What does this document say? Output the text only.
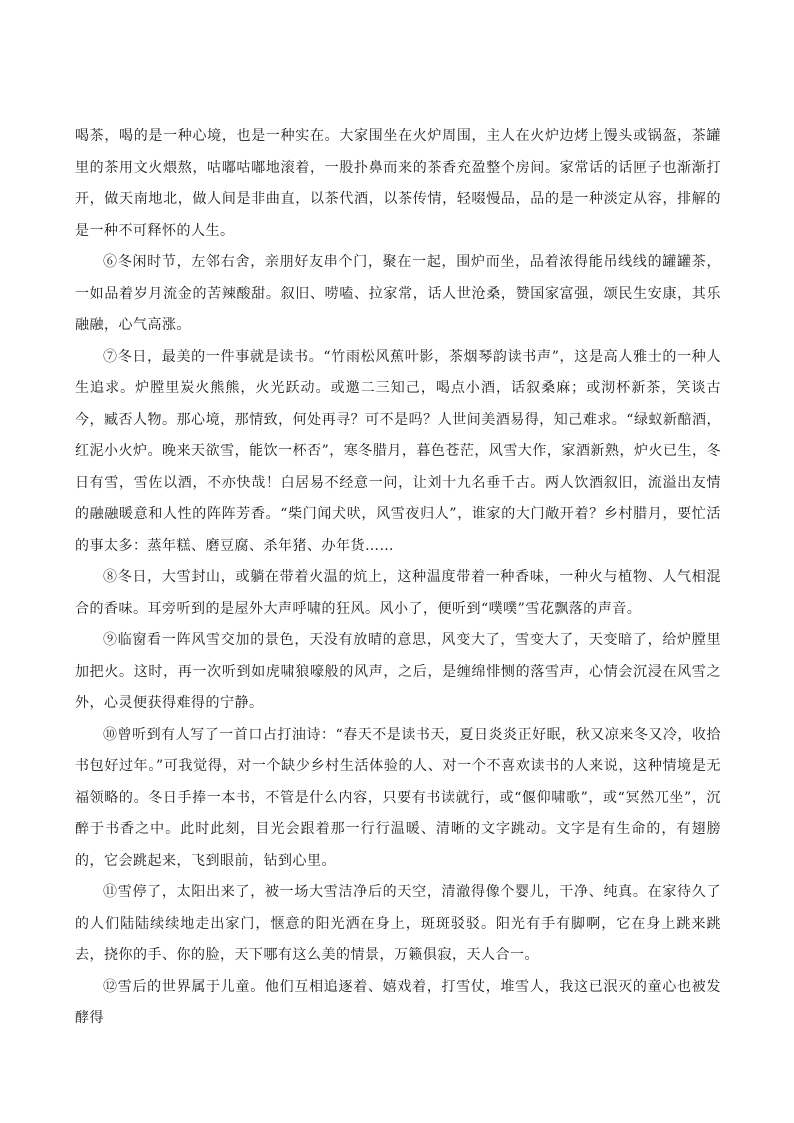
喝茶，喝的是一种心境，也是一种实在。大家围坐在火炉周围，主人在火炉边烤上馒头或锅盔，茶罐里的茶用文火煨熬，咕嘟咕嘟地滚着，一股扑鼻而来的茶香充盈整个房间。家常话的话匣子也渐渐打开，做天南地北，做人间是非曲直，以茶代酒，以茶传情，轻啜慢品，品的是一种淡定从容，排解的是一种不可释怀的人生。

⑥冬闲时节，左邻右舍，亲朋好友串个门，聚在一起，围炉而坐，品着浓得能吊线线的罐罐茶，一如品着岁月流金的苦辣酸甜。叙旧、唠嗑、拉家常，话人世沧桑，赞国家富强，颂民生安康，其乐融融，心气高涨。

⑦冬日，最美的一件事就是读书。“竹雨松风蕉叶影，茶烟琴韵读书声”，这是高人雅士的一种人生追求。炉膛里炭火熊熊，火光跃动。或邀二三知己，喝点小酒，话叙桑麻；或沏杯新茶，笑谈古今，臧否人物。那心境，那情致，何处再寻？可不是吗？人世间美酒易得，知己难求。“绿蚁新醅酒，红泥小火炉。晚来天欲雪，能饮一杯否”，寒冬腊月，暮色苍茫，风雪大作，家酒新熟，炉火已生，冬日有雪，雪佐以酒，不亦快哉！白居易不经意一问，让刘十九名垂千古。两人饮酒叙旧，流溢出友情的融融暖意和人性的阵阵芳香。“柴门闻犬吠，风雪夜归人”，谁家的大门敞开着？乡村腊月，要忙活的事太多：蒸年糕、磨豆腐、杀年猪、办年货……

⑧冬日，大雪封山，或躺在带着火温的炕上，这种温度带着一种香味，一种火与植物、人气相混合的香味。耳旁听到的是屋外大声呼啸的狂风。风小了，便听到“噗噗”雪花飘落的声音。

⑨临窗看一阵风雪交加的景色，天没有放晴的意思，风变大了，雪变大了，天变暗了，给炉膛里加把火。这时，再一次听到如虎啸狼嚎般的风声，之后，是缠绵悱恻的落雪声，心情会沉浸在风雪之外，心灵便获得难得的宁静。

⑩曾听到有人写了一首口占打油诗：“春天不是读书天，夏日炎炎正好眠，秋又凉来冬又冷，收拾书包好过年。”可我觉得，对一个缺少乡村生活体验的人、对一个不喜欢读书的人来说，这种情境是无福领略的。冬日手捧一本书，不管是什么内容，只要有书读就行，或“偃仰啸歌”，或“冥然兀坐”，沉醉于书香之中。此时此刻，目光会跟着那一行行温暖、清晰的文字跳动。文字是有生命的，有翅膀的，它会跳起来，飞到眼前，钻到心里。

⑪雪停了，太阳出来了，被一场大雪洁净后的天空，清澈得像个婴儿，干净、纯真。在家待久了的人们陆陆续续地走出家门，惬意的阳光洒在身上，斑斑驳驳。阳光有手有脚啊，它在身上跳来跳去，挠你的手、你的脸，天下哪有这么美的情景，万籁俱寂，天人合一。

⑫雪后的世界属于儿童。他们互相追逐着、嬉戏着，打雪仗，堆雪人，我这已泯灭的童心也被发酵得
